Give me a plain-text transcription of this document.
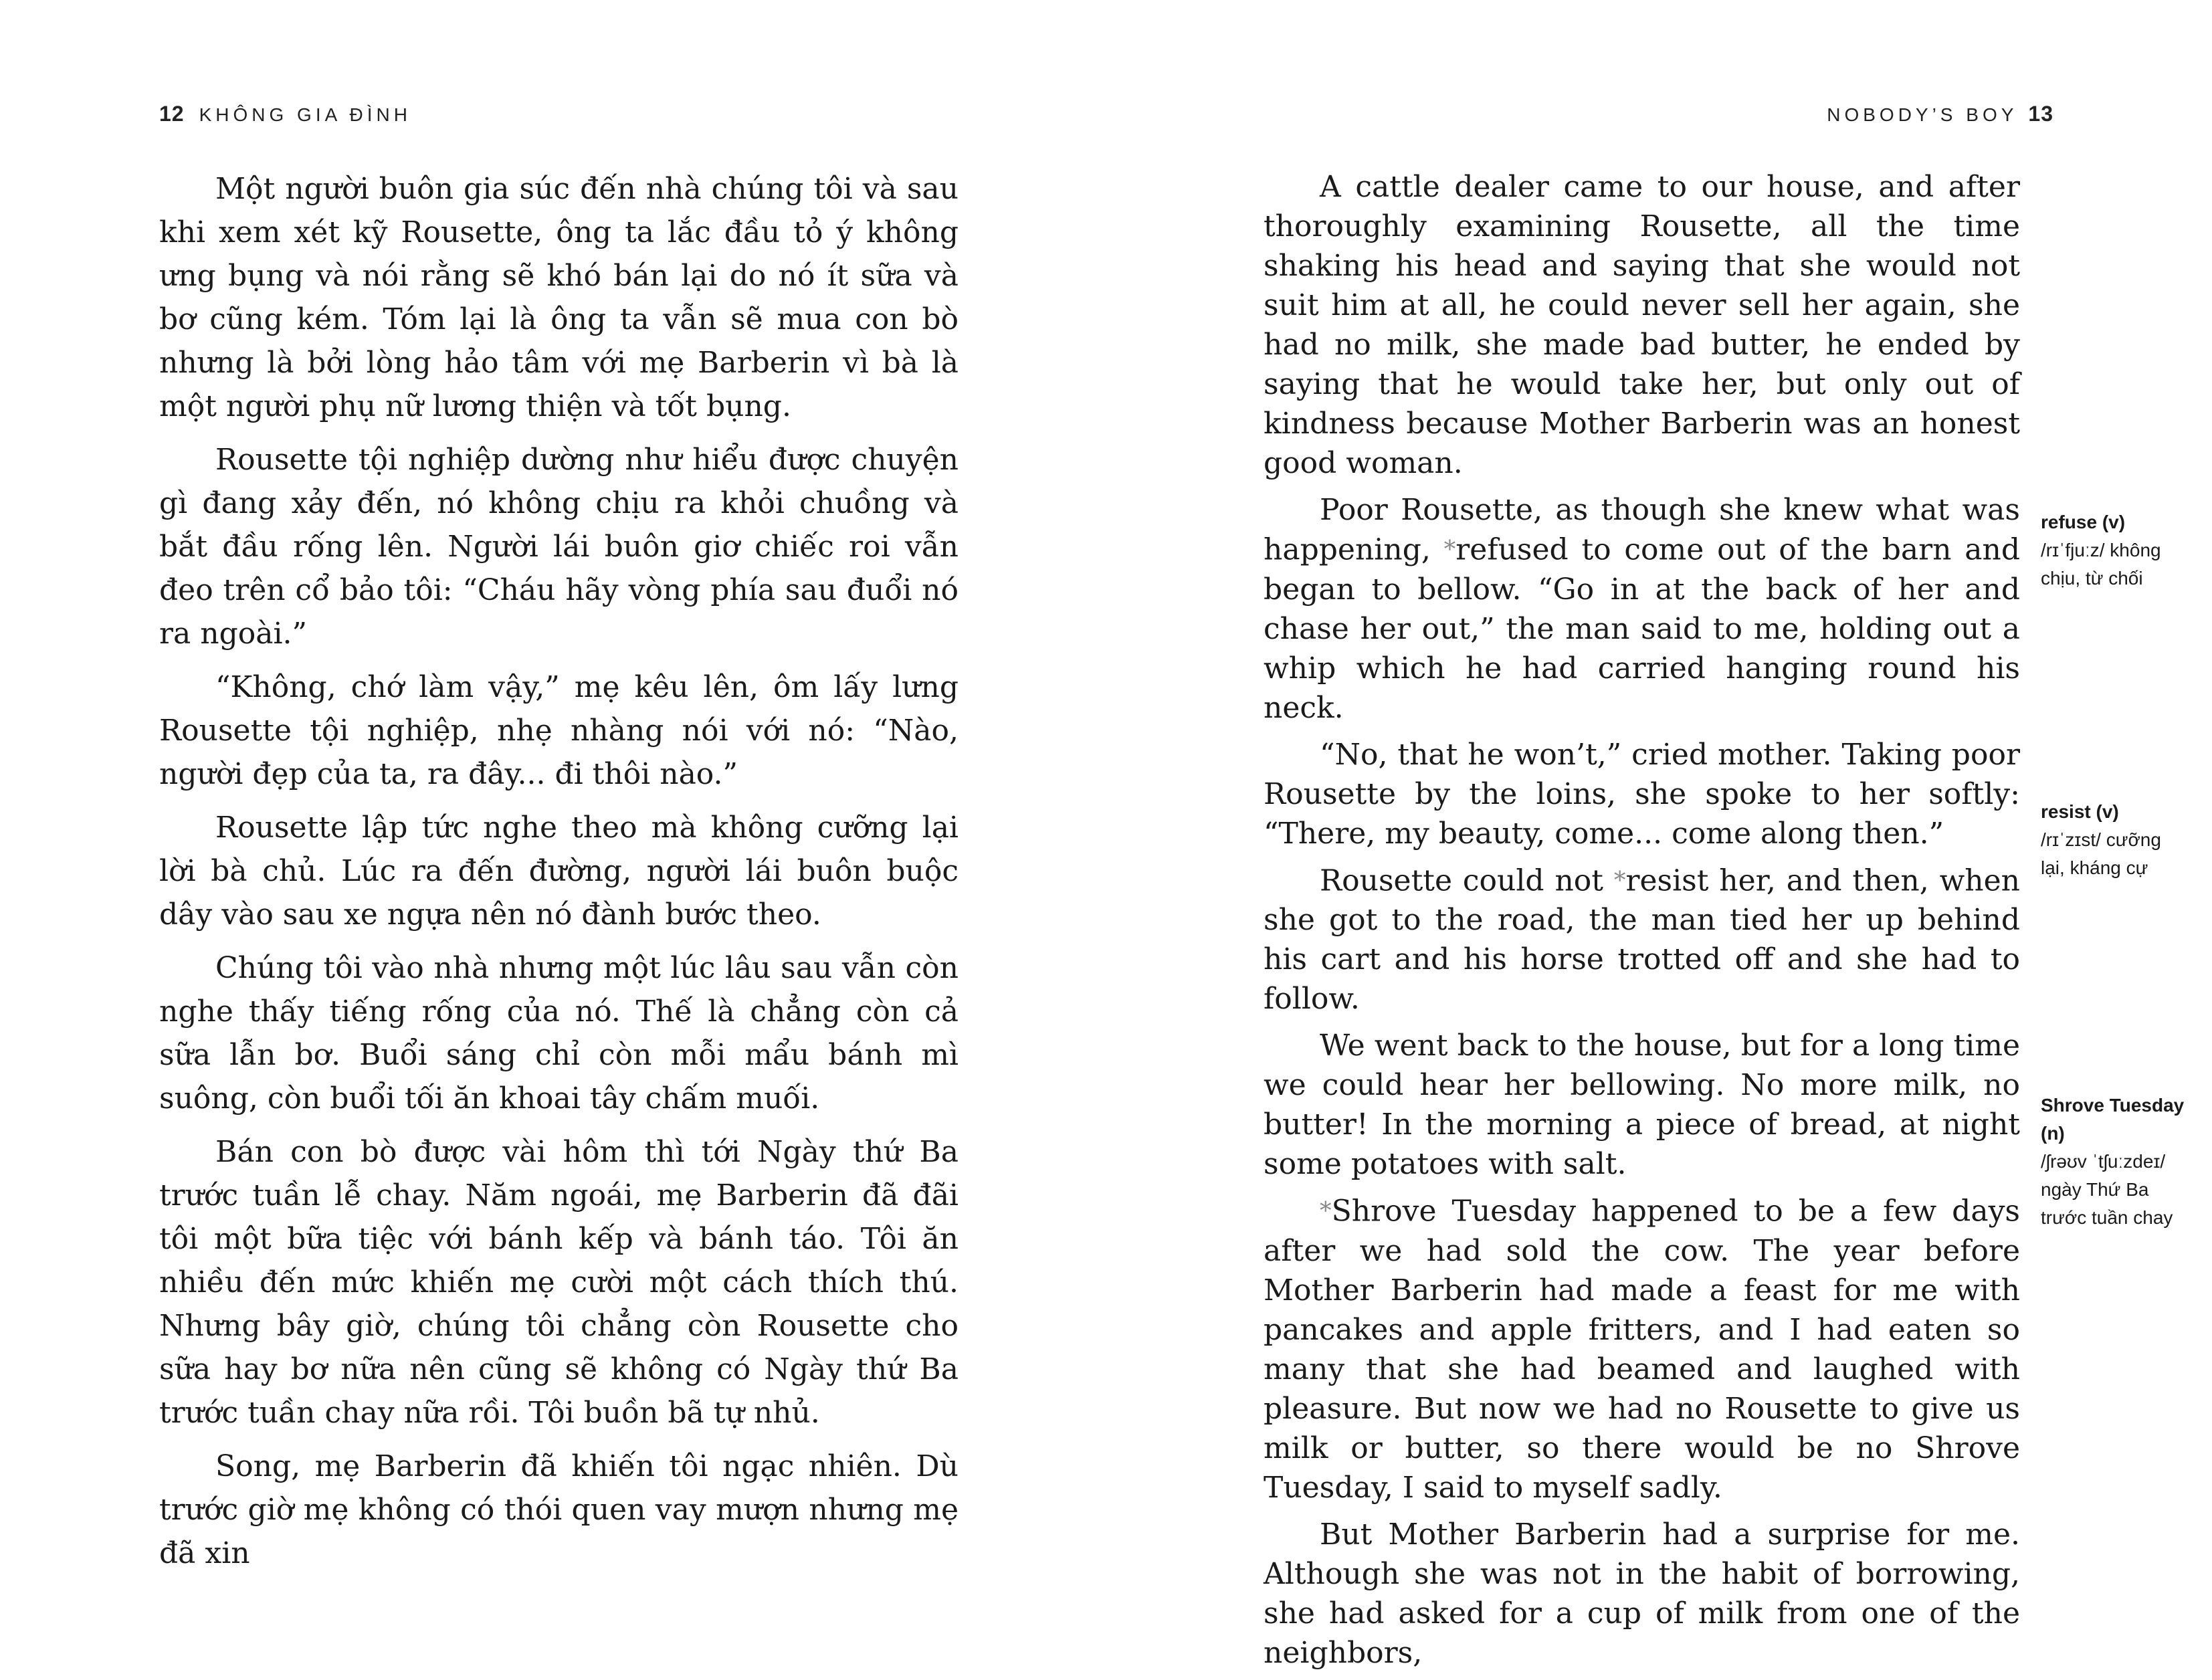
12 KHÔNG GIA ĐÌNH

Một người buôn gia súc đến nhà chúng tôi và sau khi xem xét kỹ Rousette, ông ta lắc đầu tỏ ý không ưng bụng và nói rằng sẽ khó bán lại do nó ít sữa và bơ cũng kém. Tóm lại là ông ta vẫn sẽ mua con bò nhưng là bởi lòng hảo tâm với mẹ Barberin vì bà là một người phụ nữ lương thiện và tốt bụng.

Rousette tội nghiệp dường như hiểu được chuyện gì đang xảy đến, nó không chịu ra khỏi chuồng và bắt đầu rống lên. Người lái buôn giơ chiếc roi vẫn đeo trên cổ bảo tôi: “Cháu hãy vòng phía sau đuổi nó ra ngoài.”

“Không, chớ làm vậy,” mẹ kêu lên, ôm lấy lưng Rousette tội nghiệp, nhẹ nhàng nói với nó: “Nào, người đẹp của ta, ra đây... đi thôi nào.”

Rousette lập tức nghe theo mà không cưỡng lại lời bà chủ. Lúc ra đến đường, người lái buôn buộc dây vào sau xe ngựa nên nó đành bước theo.

Chúng tôi vào nhà nhưng một lúc lâu sau vẫn còn nghe thấy tiếng rống của nó. Thế là chẳng còn cả sữa lẫn bơ. Buổi sáng chỉ còn mỗi mẩu bánh mì suông, còn buổi tối ăn khoai tây chấm muối.

Bán con bò được vài hôm thì tới Ngày thứ Ba trước tuần lễ chay. Năm ngoái, mẹ Barberin đã đãi tôi một bữa tiệc với bánh kếp và bánh táo. Tôi ăn nhiều đến mức khiến mẹ cười một cách thích thú. Nhưng bây giờ, chúng tôi chẳng còn Rousette cho sữa hay bơ nữa nên cũng sẽ không có Ngày thứ Ba trước tuần chay nữa rồi. Tôi buồn bã tự nhủ.

Song, mẹ Barberin đã khiến tôi ngạc nhiên. Dù trước giờ mẹ không có thói quen vay mượn nhưng mẹ đã xin

NOBODY’S BOY 13

A cattle dealer came to our house, and after thoroughly examining Rousette, all the time shaking his head and saying that she would not suit him at all, he could never sell her again, she had no milk, she made bad butter, he ended by saying that he would take her, but only out of kindness because Mother Barberin was an honest good woman.

Poor Rousette, as though she knew what was happening, *refused to come out of the barn and began to bellow. “Go in at the back of her and chase her out,” the man said to me, holding out a whip which he had carried hanging round his neck.

“No, that he won’t,” cried mother. Taking poor Rousette by the loins, she spoke to her softly: “There, my beauty, come... come along then.”

Rousette could not *resist her, and then, when she got to the road, the man tied her up behind his cart and his horse trotted off and she had to follow.

We went back to the house, but for a long time we could hear her bellowing. No more milk, no butter! In the morning a piece of bread, at night some potatoes with salt.

*Shrove Tuesday happened to be a few days after we had sold the cow. The year before Mother Barberin had made a feast for me with pancakes and apple fritters, and I had eaten so many that she had beamed and laughed with pleasure. But now we had no Rousette to give us milk or butter, so there would be no Shrove Tuesday, I said to myself sadly.

But Mother Barberin had a surprise for me. Although she was not in the habit of borrowing, she had asked for a cup of milk from one of the neighbors,

refuse (v)
/rɪˈfjuːz/ không chịu, từ chối
resist (v)
/rɪˈzɪst/ cưỡng lại, kháng cự
Shrove Tuesday (n)
/ʃrəʊv ˈtʃuːzdeɪ/ ngày Thứ Ba trước tuần chay
